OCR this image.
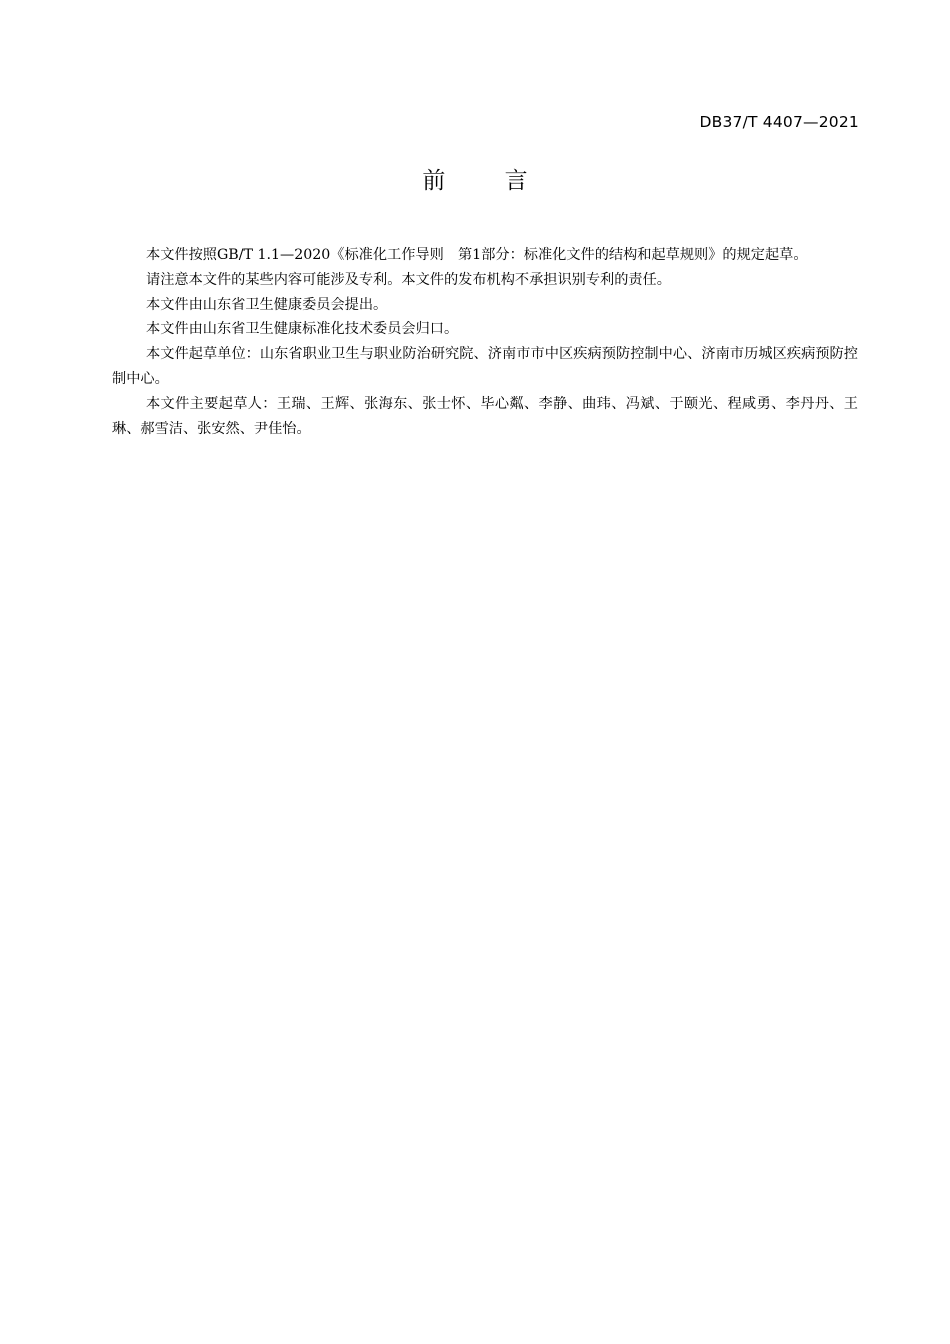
DB37/T 4407—2021

前 言

本文件按照GB/T 1.1—2020《标准化工作导则　第1部分：标准化文件的结构和起草规则》的规定起草。

请注意本文件的某些内容可能涉及专利。本文件的发布机构不承担识别专利的责任。

本文件由山东省卫生健康委员会提出。

本文件由山东省卫生健康标准化技术委员会归口。

本文件起草单位：山东省职业卫生与职业防治研究院、济南市市中区疾病预防控制中心、济南市历城区疾病预防控制中心。

本文件主要起草人：王瑞、王辉、张海东、张士怀、毕心粼、李静、曲玮、冯斌、于颐光、程咸勇、李丹丹、王琳、郝雪洁、张安然、尹佳怡。
